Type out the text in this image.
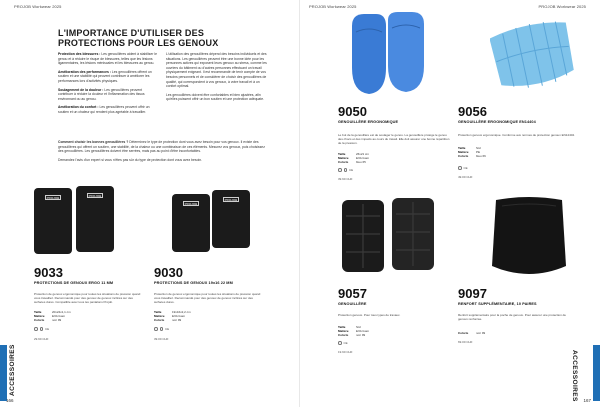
PROJOB Workwear 2025
L'IMPORTANCE D'UTILISER DES PROTECTIONS POUR LES GENOUX

Protection des blessures : Les genouillères aident à stabiliser le genou et à réduire le risque de blessures, telles que les lésions ligamentaires, les lésions méniscales et les blessures au genou.

Amélioration des performances : Les genouillères offrent un soutien et une stabilité qui peuvent contribuer à améliorer les performances lors d'activités physiques.

Soulagement de la douleur : Les genouillères peuvent contribuer à réduire la douleur et l'inflammation des tissus environnant ou au genou.

Amélioration du confort : Les genouillères peuvent offrir un soutien et un chaleur qui rendent plus agréable à travailler.

L'utilisation des genouillères dépend des besoins individuels et des situations. Les genouillères peuvent être une bonne idée pour les personnes actives qui exposent leurs genoux au stress, comme les ouvriers du bâtiment ou d'autres personnes effectuant un travail physiquement exigeant. Il est recommandé de tenir compte de vos besoins personnels et de considérer de choisir des genouillères de qualité, qui correspondent à vos genoux, à votre travail et à un confort optimal.

Les genouillères doivent être confortables et bien ajustées, afin qu'elles puissent offrir un bon soutien et une protection adéquate.

Comment choisir les bonnes genouillères ? Déterminez le type de protection dont vous avez besoin pour vos genoux. Il existe des genouillères qui offrent un soutien, une stabilité, de la chaleur ou une combinaison de ces éléments. Mesurez vos genoux, puis choisissez des genouillères. Les genouillères doivent être serrées, mais pas au point d'être inconfortables.

Demandez l'avis d'un expert si vous n'êtes pas sûr du type de protection dont vous avez besoin.

PROJOB	PROJOB
PROJOB
PROJOB
9033
PROTECTIONS DE GENOUX ERGO 11 MM
Protection de genoux ergonomique pour toutes les situations de pression quand vous travaillez. Recommandé pour des genoux de genoux inclinés sur des surfaces dures. Compatible avec tous les pantalons Projob.
Taille	20x24x1,1 cm
Matière	EVA foam
Coloris	noir 99
CE
29.90 CHF
9030
PROTECTIONS DE GENOUX 19x16 22 MM
Protection de genoux ergonomique pour toutes les situations de pression quand vous travaillez. Recommandé pour des genoux de genoux inclinés sur des surfaces dures.
Taille	19x16x2,2 cm
Matière	EVA foam
Coloris	noir 99
CE
39.00 CHF
ACCESSOIRES
166
PROJOB Workwear 2025	PROJOB Workwear 2025
9050
GENOUILLÈRE ERGONOMIQUE
Le but de la genouillère est de soulager le genou. La genouillère protège le genou des chocs et des impacts au cours du travail. Elle doit assurer une bonne répartition de la pression.
Taille	26x21 cm
Matière	EVA foam
Coloris	bleu 65
CE
39.90 CHF
9056
GENOUILLÈRE ERGONOMIQUE EN14404
Protection genoux ergonomique. Conforme aux normes de protection genoux EN14404.
Taille	Std
Matière	PE
Coloris	bleu 66
CE
49.00 CHF
9057
GENOUILLÈRE
Protection genoux. Pour tous types de travaux.
Taille	Std
Matière	EVA foam
Coloris	noir 99
CE
19.90 CHF
9097
RENFORT SUPPLÉMENTAIRE, 10 PAIRES
Renfort supplémentaire pour la poche de genoux. Pour assurer une protection de genoux renforcée.
Coloris	noir 99
69.00 CHF
ACCESSOIRES 167
